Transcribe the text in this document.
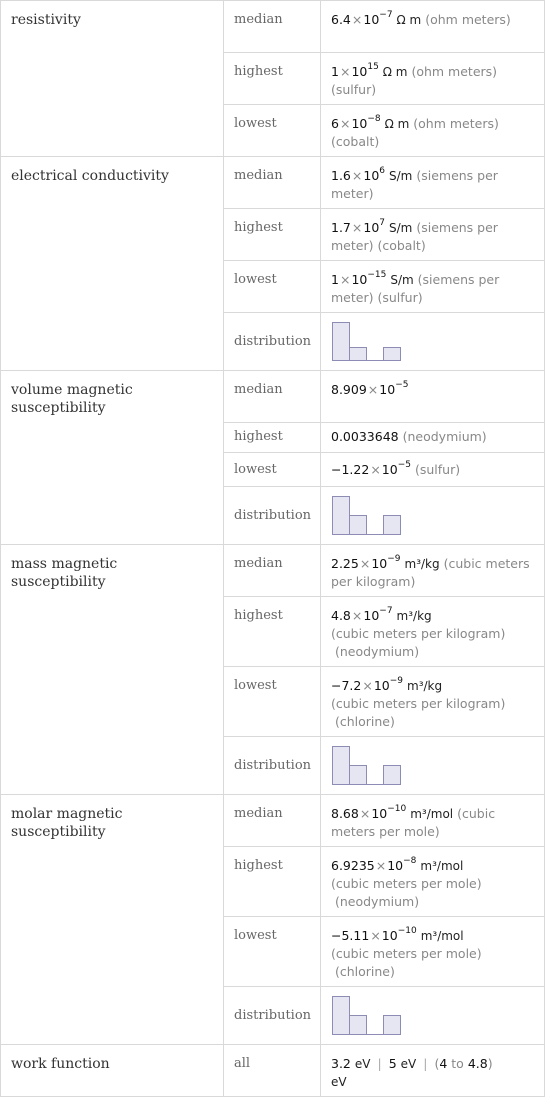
resistivity	median	$6.4\times 10^{-7}$ Ω m (ohm meters)
	highest	$1\times 10^{15}$ Ω m (ohm meters) (sulfur)
	lowest	$6\times 10^{-8}$ Ω m (ohm meters) (cobalt)
electrical conductivity	median	$1.6\times 10^6$ S/m (siemens per meter)
	highest	$1.7\times 10^7$ S/m (siemens per meter) (cobalt)
	lowest	$1\times 10^{-15}$ S/m (siemens per meter) (sulfur)
	distribution	

volume magnetic susceptibility	median	$8.909\times 10^{-5}$
	highest	0.0033648 (neodymium)
	lowest	$-1.22\times 10^{-5}$ (sulfur)
	distribution	

mass magnetic susceptibility	median	$2.25\times 10^{-9}$ m³/kg (cubic meters per kilogram)
	highest	$4.8\times 10^{-7}$ m³/kg
(cubic meters per kilogram)
(neodymium)
	lowest	$-7.2\times 10^{-9}$ m³/kg
(cubic meters per kilogram)
(chlorine)
	distribution	

molar magnetic susceptibility	median	$8.68\times 10^{-10}$ m³/mol (cubic meters per mole)
	highest	$6.9235\times 10^{-8}$ m³/mol
(cubic meters per mole)
(neodymium)
	lowest	$-5.11\times 10^{-10}$ m³/mol
(cubic meters per mole)
(chlorine)
	distribution	

work function	all	3.2 eV | 5 eV | (4 to 4.8)
eV
